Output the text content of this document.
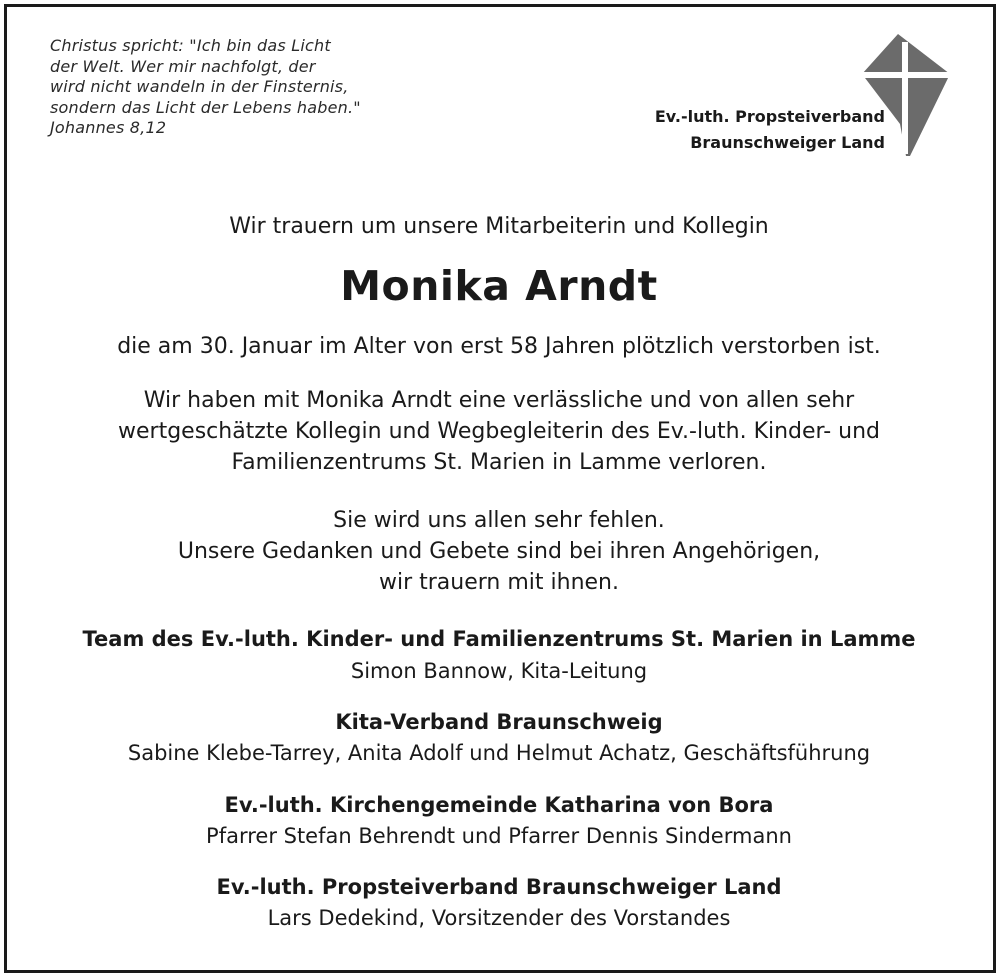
Christus spricht: "Ich bin das Licht
der Welt. Wer mir nachfolgt, der
wird nicht wandeln in der Finsternis,
sondern das Licht der Lebens haben."
Johannes 8,12
Ev.-luth. Propsteiverband
Braunschweiger Land
Wir trauern um unsere Mitarbeiterin und Kollegin
Monika Arndt
die am 30. Januar im Alter von erst 58 Jahren plötzlich verstorben ist.
Wir haben mit Monika Arndt eine verlässliche und von allen sehr
wertgeschätzte Kollegin und Wegbegleiterin des Ev.-luth. Kinder- und
Familienzentrums St. Marien in Lamme verloren.
Sie wird uns allen sehr fehlen.
Unsere Gedanken und Gebete sind bei ihren Angehörigen,
wir trauern mit ihnen.
Team des Ev.-luth. Kinder- und Familienzentrums St. Marien in Lamme
Simon Bannow, Kita-Leitung
Kita-Verband Braunschweig
Sabine Klebe-Tarrey, Anita Adolf und Helmut Achatz, Geschäftsführung
Ev.-luth. Kirchengemeinde Katharina von Bora
Pfarrer Stefan Behrendt und Pfarrer Dennis Sindermann
Ev.-luth. Propsteiverband Braunschweiger Land
Lars Dedekind, Vorsitzender des Vorstandes
